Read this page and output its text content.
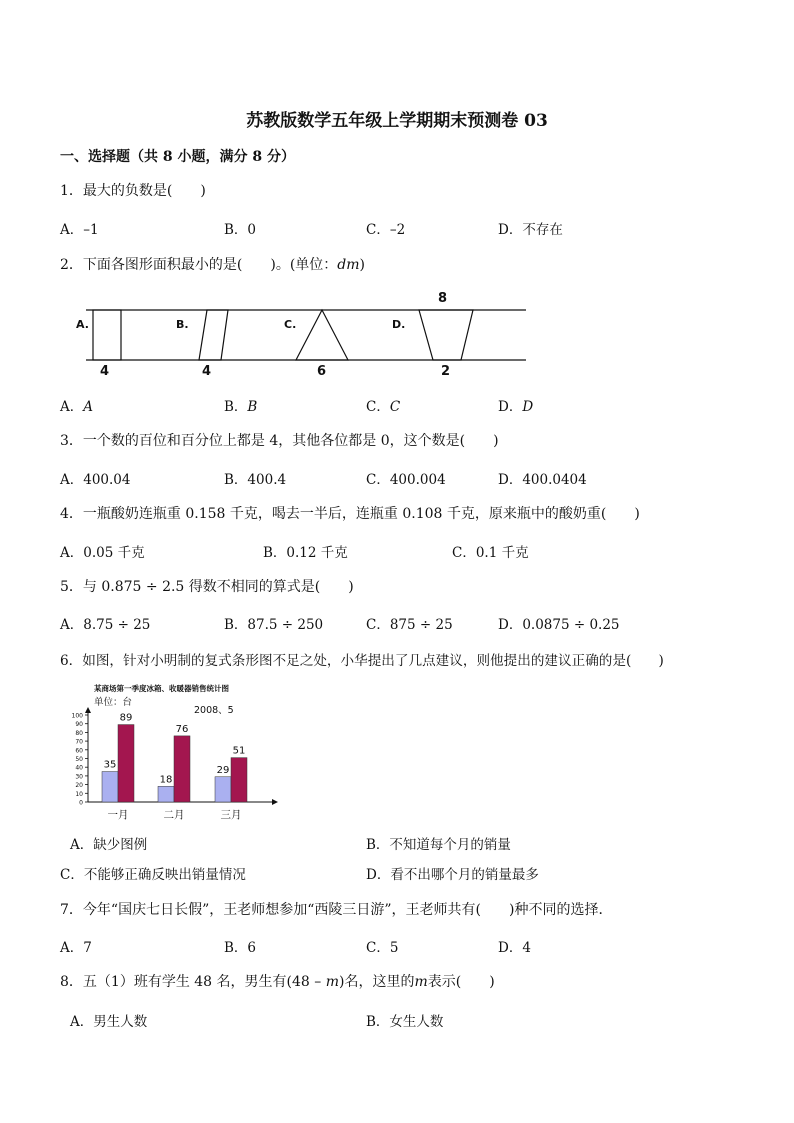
苏教版数学五年级上学期期末预测卷 03
一、选择题（共 8 小题，满分 8 分）
1．最大的负数是(　　)
A．–1	B．0	C．–2	D．不存在
2．下面各图形面积最小的是(　　)。(单位：dm)
8
A.	B.	C.	D.
4	4	6	2
A．A	B．B	C．C	D．D
3．一个数的百位和百分位上都是 4，其他各位都是 0，这个数是(　　)
A．400.04	B．400.4	C．400.004	D．400.0404
4．一瓶酸奶连瓶重 0.158 千克，喝去一半后，连瓶重 0.108 千克，原来瓶中的酸奶重(　　)
A．0.05 千克	B．0.12 千克	C．0.1 千克
5．与 0.875 ÷ 2.5 得数不相同的算式是(　　)
A．8.75 ÷ 25	B．87.5 ÷ 250	C．875 ÷ 25	D．0.0875 ÷ 0.25
6．如图，针对小明制的复式条形图不足之处，小华提出了几点建议，则他提出的建议正确的是(　　)
某商场第一季度冰箱、收暖器销售统计图
单位：台
2008、5
0
10
20
30
40
50
60
70
80
90
100
35
89
一月
18
76
二月
29
51
三月
A．缺少图例	B．不知道每个月的销量
C．不能够正确反映出销量情况	D．看不出哪个月的销量最多
7．今年“国庆七日长假”，王老师想参加“西陵三日游”，王老师共有(　　)种不同的选择．
A．7	B．6	C．5	D．4
8．五（1）班有学生 48 名，男生有(48 – m)名，这里的m表示(　　)
A．男生人数	B．女生人数
